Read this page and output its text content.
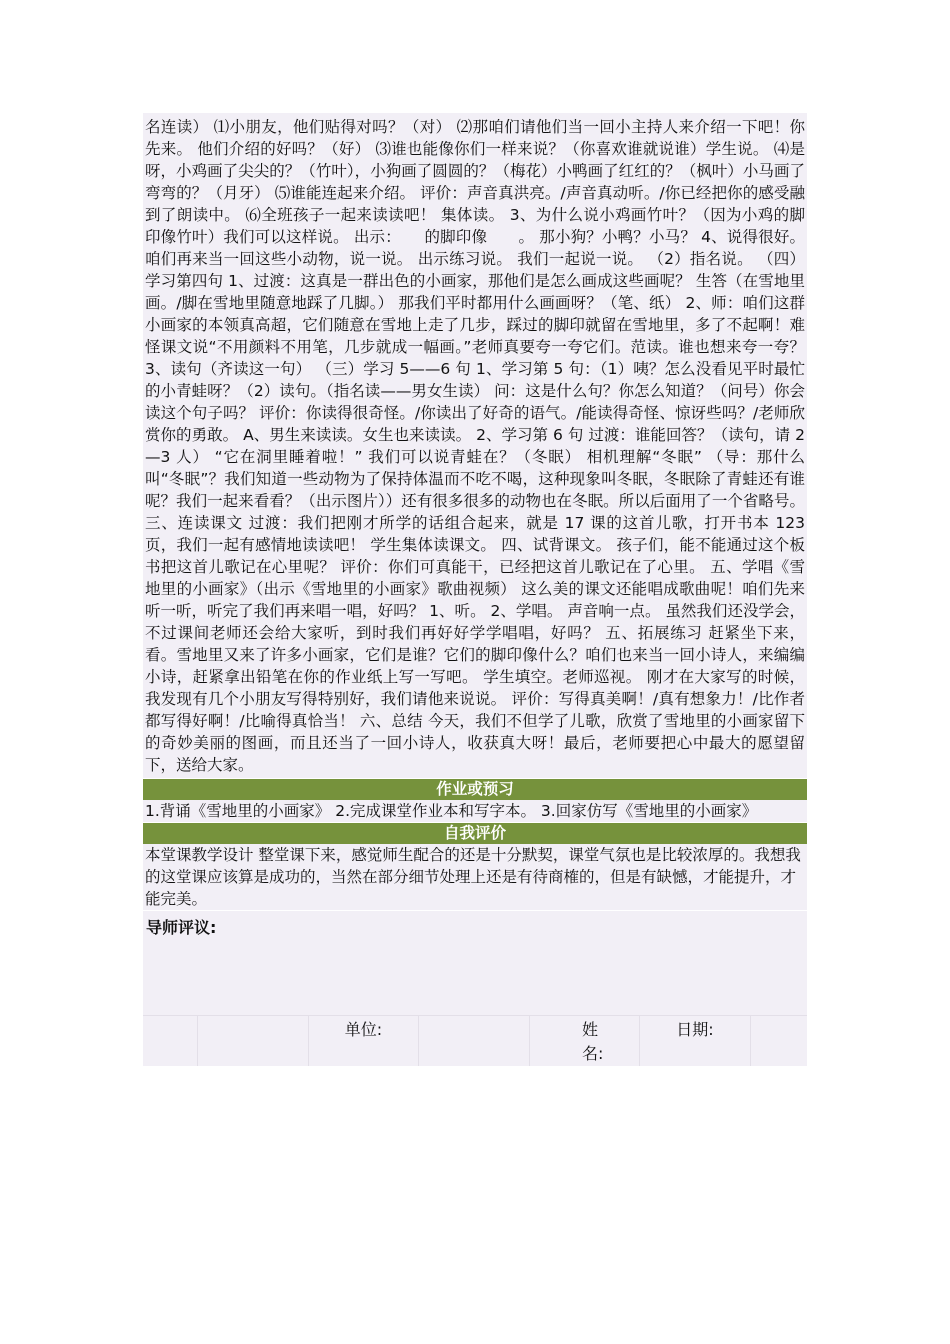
名连读） ⑴小朋友，他们贴得对吗？（对） ⑵那咱们请他们当一回小主持人来介绍一下吧！你先来。 他们介绍的好吗？（好） ⑶谁也能像你们一样来说？（你喜欢谁就说谁）学生说。 ⑷是呀，小鸡画了尖尖的？（竹叶），小狗画了圆圆的？（梅花）小鸭画了红红的？（枫叶）小马画了弯弯的？（月牙） ⑸谁能连起来介绍。 评价：声音真洪亮。/声音真动听。/你已经把你的感受融到了朗读中。 ⑹全班孩子一起来读读吧！ 集体读。 3、为什么说小鸡画竹叶？（因为小鸡的脚印像竹叶）我们可以这样说。 出示：　　的脚印像　　。 那小狗？小鸭？小马？ 4、说得很好。咱们再来当一回这些小动物，说一说。 出示练习说。 我们一起说一说。 （2）指名说。 （四）学习第四句 1、过渡：这真是一群出色的小画家，那他们是怎么画成这些画呢？ 生答（在雪地里画。/脚在雪地里随意地踩了几脚。） 那我们平时都用什么画画呀？（笔、纸） 2、师：咱们这群小画家的本领真高超，它们随意在雪地上走了几步，踩过的脚印就留在雪地里，多了不起啊！难怪课文说“不用颜料不用笔，几步就成一幅画。”老师真要夸一夸它们。范读。谁也想来夸一夸？ 3、读句（齐读这一句） （三）学习 5——6 句 1、学习第 5 句：（1）咦？怎么没看见平时最忙的小青蛙呀？（2）读句。（指名读——男女生读） 问：这是什么句？你怎么知道？（问号）你会读这个句子吗？ 评价：你读得很奇怪。/你读出了好奇的语气。/能读得奇怪、惊讶些吗？/老师欣赏你的勇敢。 A、男生来读读。女生也来读读。 2、学习第 6 句 过渡：谁能回答？（读句，请 2—3 人） “它在洞里睡着啦！” 我们可以说青蛙在？（冬眠） 相机理解“冬眠” （导：那什么叫“冬眠”？我们知道一些动物为了保持体温而不吃不喝，这种现象叫冬眠，冬眠除了青蛙还有谁呢？我们一起来看看？（出示图片））还有很多很多的动物也在冬眠。所以后面用了一个省略号。 三、连读课文 过渡：我们把刚才所学的话组合起来，就是 17 课的这首儿歌，打开书本 123 页，我们一起有感情地读读吧！ 学生集体读课文。 四、试背课文。 孩子们，能不能通过这个板书把这首儿歌记在心里呢？ 评价：你们可真能干，已经把这首儿歌记在了心里。 五、学唱《雪地里的小画家》（出示《雪地里的小画家》歌曲视频） 这么美的课文还能唱成歌曲呢！咱们先来听一听，听完了我们再来唱一唱，好吗？ 1、听。 2、学唱。 声音响一点。 虽然我们还没学会，不过课间老师还会给大家听，到时我们再好好学学唱唱，好吗？ 五、拓展练习 赶紧坐下来，看。雪地里又来了许多小画家，它们是谁？它们的脚印像什么？咱们也来当一回小诗人，来编编小诗，赶紧拿出铅笔在你的作业纸上写一写吧。 学生填空。老师巡视。 刚才在大家写的时候，我发现有几个小朋友写得特别好，我们请他来说说。 评价：写得真美啊！/真有想象力！/比作者都写得好啊！/比喻得真恰当！ 六、总结 今天，我们不但学了儿歌，欣赏了雪地里的小画家留下的奇妙美丽的图画，而且还当了一回小诗人，收获真大呀！最后，老师要把心中最大的愿望留下，送给大家。

作业或预习
1.背诵《雪地里的小画家》 2.完成课堂作业本和写字本。 3.回家仿写《雪地里的小画家》
自我评价
本堂课教学设计 整堂课下来，感觉师生配合的还是十分默契，课堂气氛也是比较浓厚的。我想我的这堂课应该算是成功的，当然在部分细节处理上还是有待商榷的，但是有缺憾，才能提升，才能完美。
导师评议:
单位:	姓名:
日期:
